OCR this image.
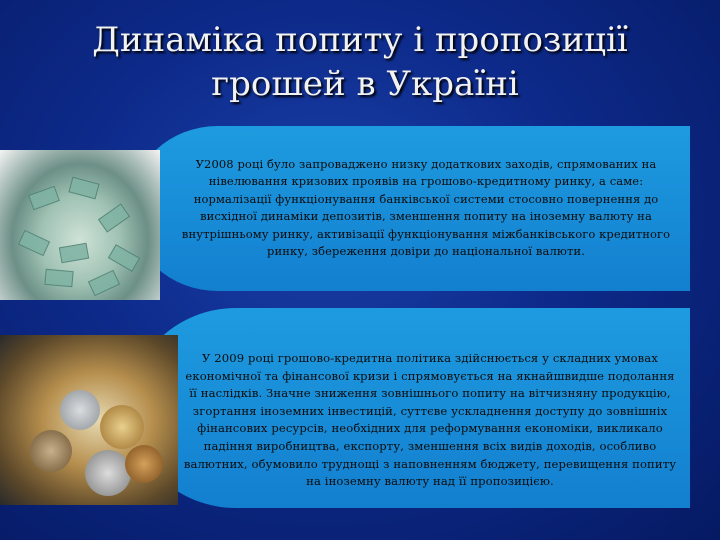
Динаміка попиту і пропозиції
грошей в Україні
У2008 році було запроваджено низку додаткових заходів, спрямованих на нівелювання кризових проявів на грошово-кредитному ринку, а саме: нормалізації функціонування банківської системи стосовно повернення до висхідної динаміки депозитів, зменшення попиту на іноземну валюту на внутрішньому ринку, активізації функціонування міжбанківського кредитного ринку, збереження довіри до національної валюти.
У 2009 році грошово-кредитна політика здійснюється у складних умовах економічної та фінансової кризи і спрямовується на якнайшвидше подолання її наслідків. Значне зниження зовнішнього попиту на вітчизняну продукцію, згортання іноземних інвестицій, суттєве ускладнення доступу до зовнішніх фінансових ресурсів, необхідних для реформування економіки, викликало падіння виробництва, експорту, зменшення всіх видів доходів, особливо валютних, обумовило труднощі з наповненням бюджету, перевищення попиту на іноземну валюту над її пропозицією.
